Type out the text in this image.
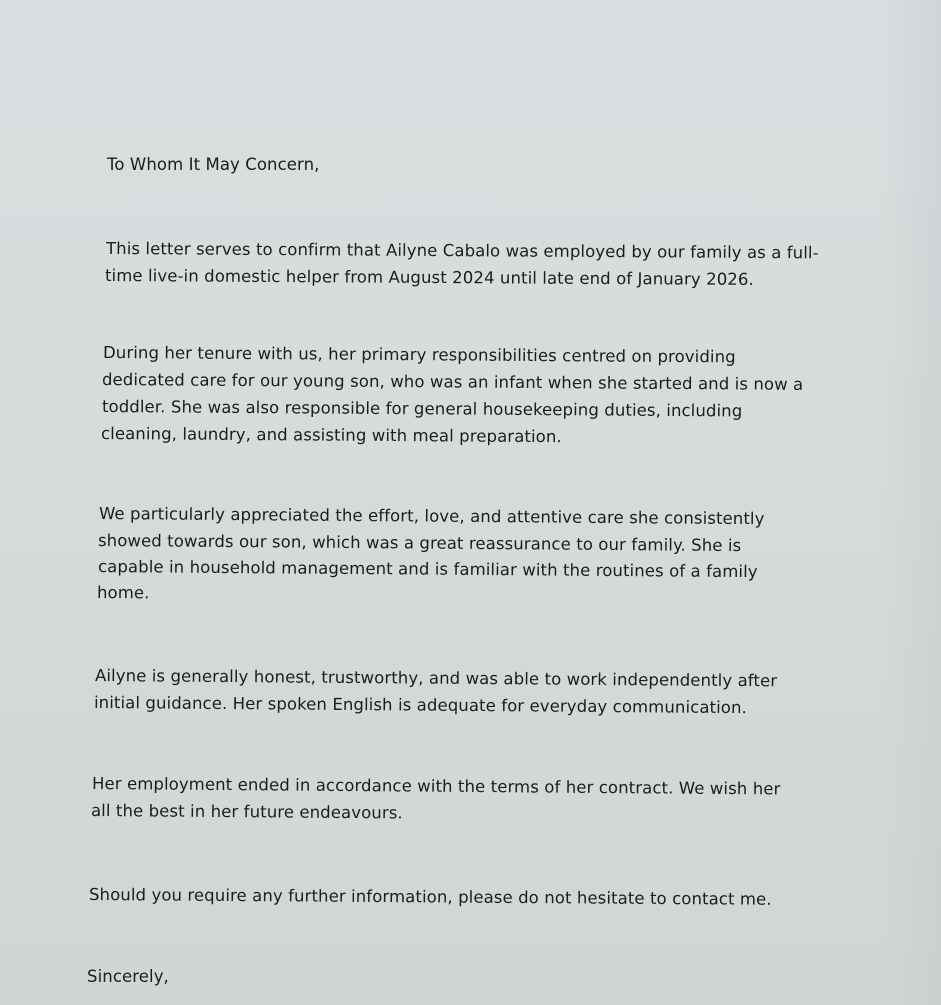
To Whom It May Concern,
This letter serves to confirm that Ailyne Cabalo was employed by our family as a full-
time live-in domestic helper from August 2024 until late end of January 2026.
During her tenure with us, her primary responsibilities centred on providing
dedicated care for our young son, who was an infant when she started and is now a
toddler. She was also responsible for general housekeeping duties, including
cleaning, laundry, and assisting with meal preparation.
We particularly appreciated the effort, love, and attentive care she consistently
showed towards our son, which was a great reassurance to our family. She is
capable in household management and is familiar with the routines of a family
home.
Ailyne is generally honest, trustworthy, and was able to work independently after
initial guidance. Her spoken English is adequate for everyday communication.
Her employment ended in accordance with the terms of her contract. We wish her
all the best in her future endeavours.
Should you require any further information, please do not hesitate to contact me.
Sincerely,
